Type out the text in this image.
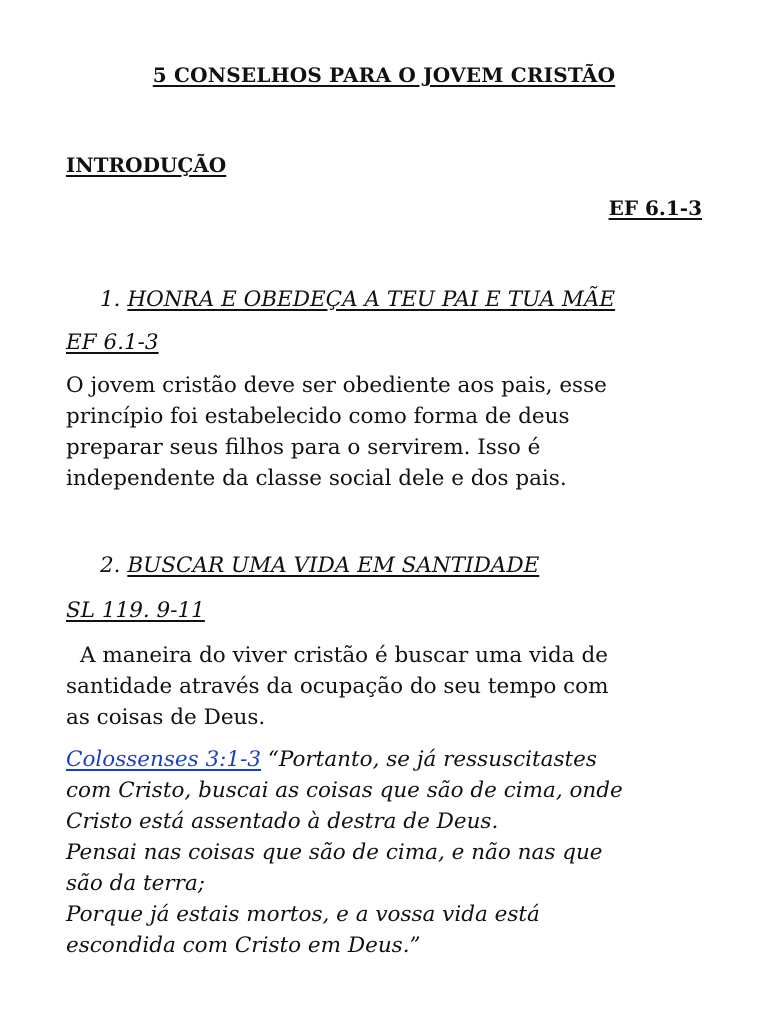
5 CONSELHOS PARA O JOVEM CRISTÃO
INTRODUÇÃO
EF 6.1-3
1. HONRA E OBEDEÇA A TEU PAI E TUA MÃE
EF 6.1-3
O jovem cristão deve ser obediente aos pais, esse
princípio foi estabelecido como forma de deus
preparar seus filhos para o servirem. Isso é
independente da classe social dele e dos pais.
2. BUSCAR UMA VIDA EM SANTIDADE
SL 119. 9-11
A maneira do viver cristão é buscar uma vida de
santidade através da ocupação do seu tempo com
as coisas de Deus.
Colossenses 3:1-3 “Portanto, se já ressuscitastes
com Cristo, buscai as coisas que são de cima, onde
Cristo está assentado à destra de Deus.
Pensai nas coisas que são de cima, e não nas que
são da terra;
Porque já estais mortos, e a vossa vida está
escondida com Cristo em Deus.”
